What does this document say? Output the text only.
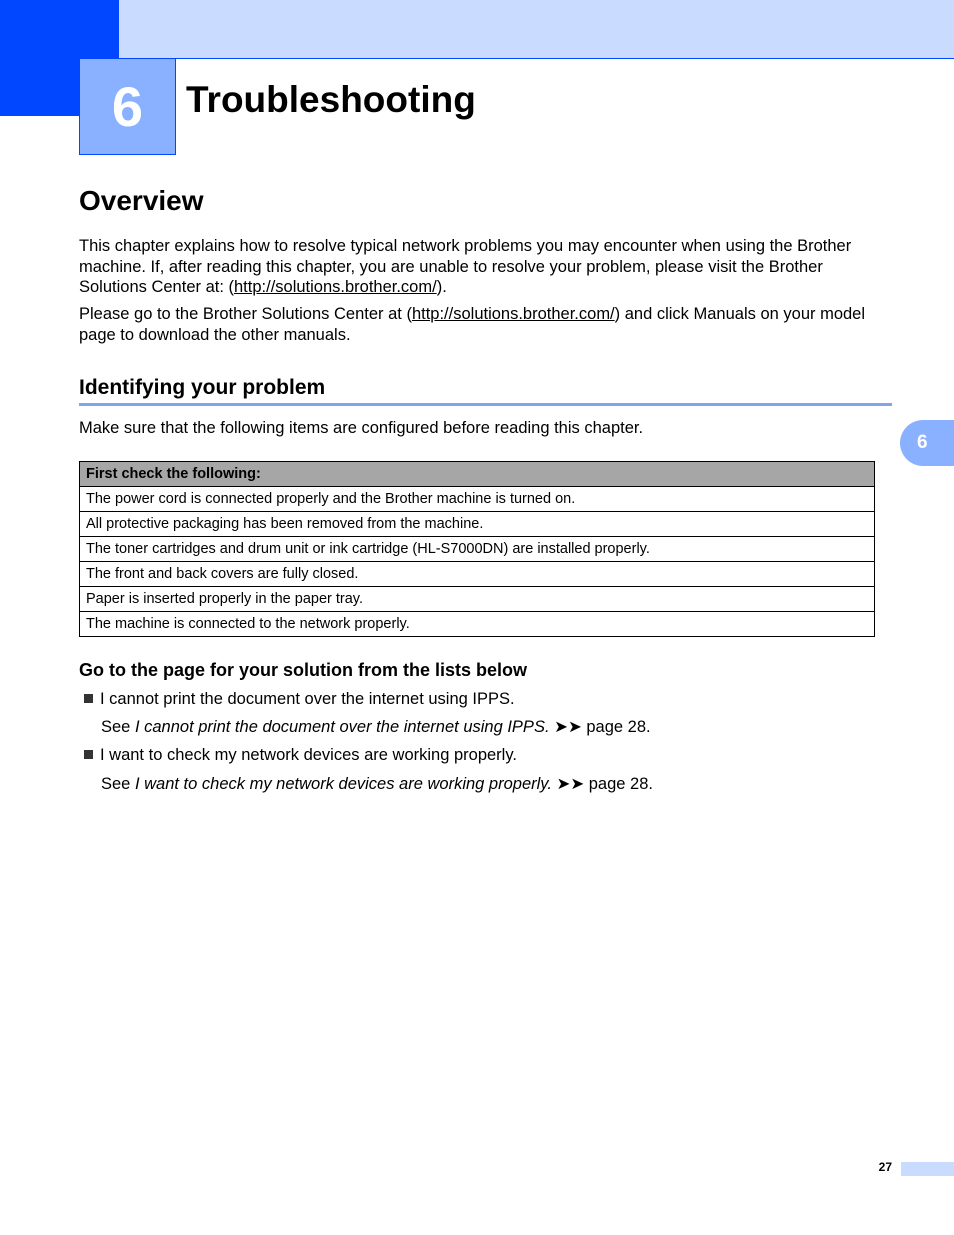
6	Troubleshooting
Overview
This chapter explains how to resolve typical network problems you may encounter when using the Brother machine. If, after reading this chapter, you are unable to resolve your problem, please visit the Brother Solutions Center at: (http://solutions.brother.com/).
Please go to the Brother Solutions Center at (http://solutions.brother.com/) and click Manuals on your model page to download the other manuals.
Identifying your problem
Make sure that the following items are configured before reading this chapter.
First check the following:
The power cord is connected properly and the Brother machine is turned on.
All protective packaging has been removed from the machine.
The toner cartridges and drum unit or ink cartridge (HL-S7000DN) are installed properly.
The front and back covers are fully closed.
Paper is inserted properly in the paper tray.
The machine is connected to the network properly.
Go to the page for your solution from the lists below
I cannot print the document over the internet using IPPS.
See I cannot print the document over the internet using IPPS. ➤➤ page 28.
I want to check my network devices are working properly.
See I want to check my network devices are working properly. ➤➤ page 28.
6
27
